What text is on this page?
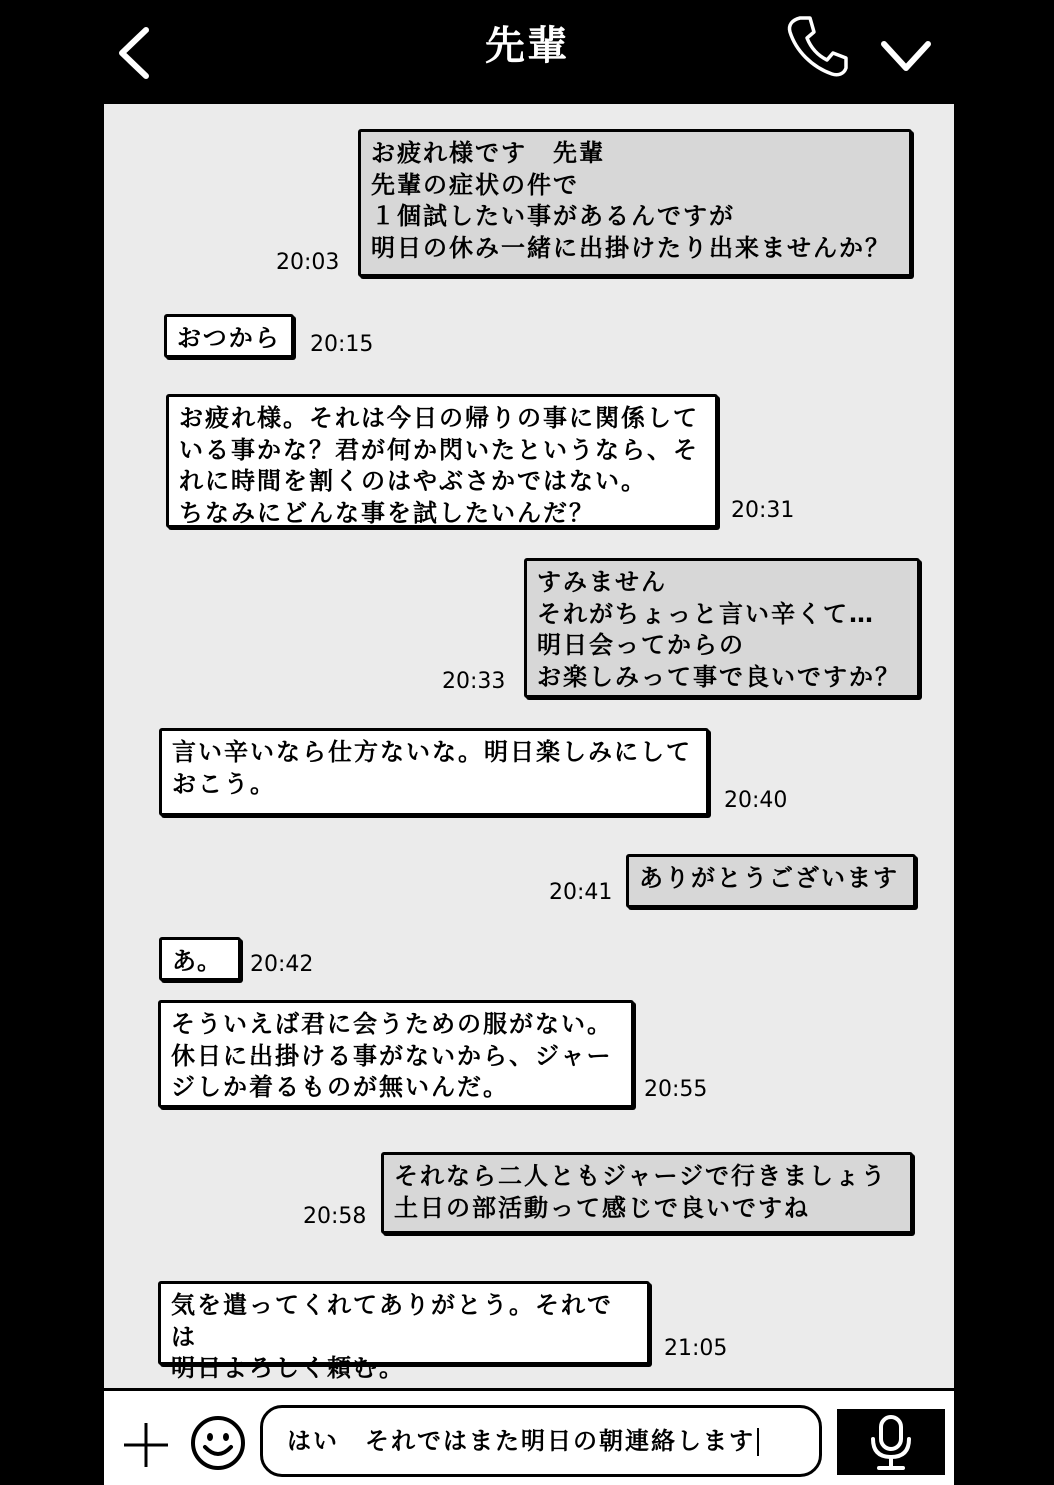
先輩
お疲れ様です　先輩
先輩の症状の件で
１個試したい事があるんですが
明日の休み一緒に出掛けたり出来ませんか？
20:03
おつから	20:15
お疲れ様。それは今日の帰りの事に関係して
いる事かな？君が何か閃いたというなら、そ
れに時間を割くのはやぶさかではない。
ちなみにどんな事を試したいんだ？	20:31
すみません
それがちょっと言い辛くて…
明日会ってからの
お楽しみって事で良いですか？
20:33
言い辛いなら仕方ないな。明日楽しみにして
おこう。
20:40
ありがとうございます
20:41
あ。	20:42
そういえば君に会うための服がない。
休日に出掛ける事がないから、ジャー
ジしか着るものが無いんだ。	20:55
それなら二人ともジャージで行きましょう
土日の部活動って感じで良いですね
20:58
気を遣ってくれてありがとう。それでは
明日よろしく頼む。
21:05
はい　それではまた明日の朝連絡します
